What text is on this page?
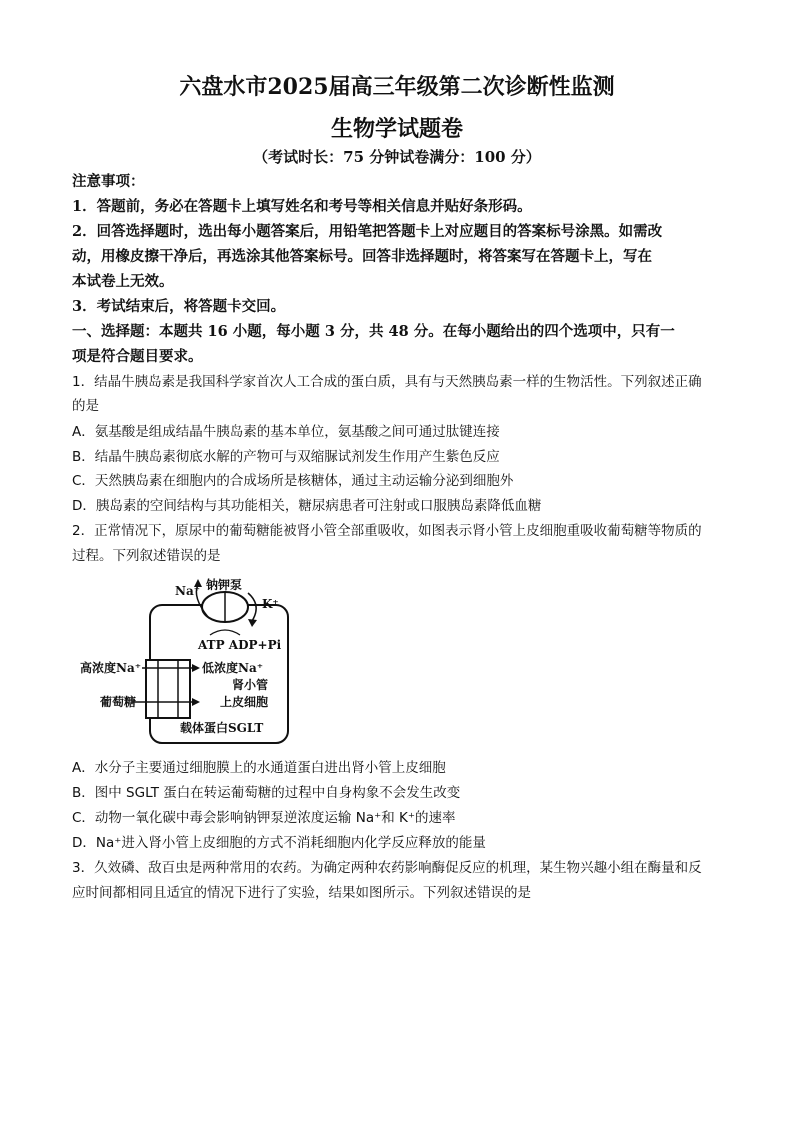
六盘水市2025届高三年级第二次诊断性监测
生物学试题卷
（考试时长：75 分钟试卷满分：100 分）
注意事项：
1．答题前，务必在答题卡上填写姓名和考号等相关信息并贴好条形码。
2．回答选择题时，选出每小题答案后，用铅笔把答题卡上对应题目的答案标号涂黑。如需改
动，用橡皮擦干净后，再选涂其他答案标号。回答非选择题时，将答案写在答题卡上，写在
本试卷上无效。
3．考试结束后，将答题卡交回。
一、选择题：本题共 16 小题，每小题 3 分，共 48 分。在每小题给出的四个选项中，只有一
项是符合题目要求。
1．结晶牛胰岛素是我国科学家首次人工合成的蛋白质，具有与天然胰岛素一样的生物活性。下列叙述正确
的是
A．氨基酸是组成结晶牛胰岛素的基本单位，氨基酸之间可通过肽键连接
B．结晶牛胰岛素彻底水解的产物可与双缩脲试剂发生作用产生紫色反应
C．天然胰岛素在细胞内的合成场所是核糖体，通过主动运输分泌到细胞外
D．胰岛素的空间结构与其功能相关，糖尿病患者可注射或口服胰岛素降低血糖
2．正常情况下，原尿中的葡萄糖能被肾小管全部重吸收，如图表示肾小管上皮细胞重吸收葡萄糖等物质的
过程。下列叙述错误的是
Na⁺ 钠钾泵
K⁺
ATP ADP+Pi
高浓度Na⁺	低浓度Na⁺
葡萄糖
肾小管
上皮细胞
载体蛋白SGLT
A．水分子主要通过细胞膜上的水通道蛋白进出肾小管上皮细胞
B．图中 SGLT 蛋白在转运葡萄糖的过程中自身构象不会发生改变
C．动物一氧化碳中毒会影响钠钾泵逆浓度运输 Na⁺和 K⁺的速率
D．Na⁺进入肾小管上皮细胞的方式不消耗细胞内化学反应释放的能量
3．久效磷、敌百虫是两种常用的农药。为确定两种农药影响酶促反应的机理，某生物兴趣小组在酶量和反
应时间都相同且适宜的情况下进行了实验，结果如图所示。下列叙述错误的是
